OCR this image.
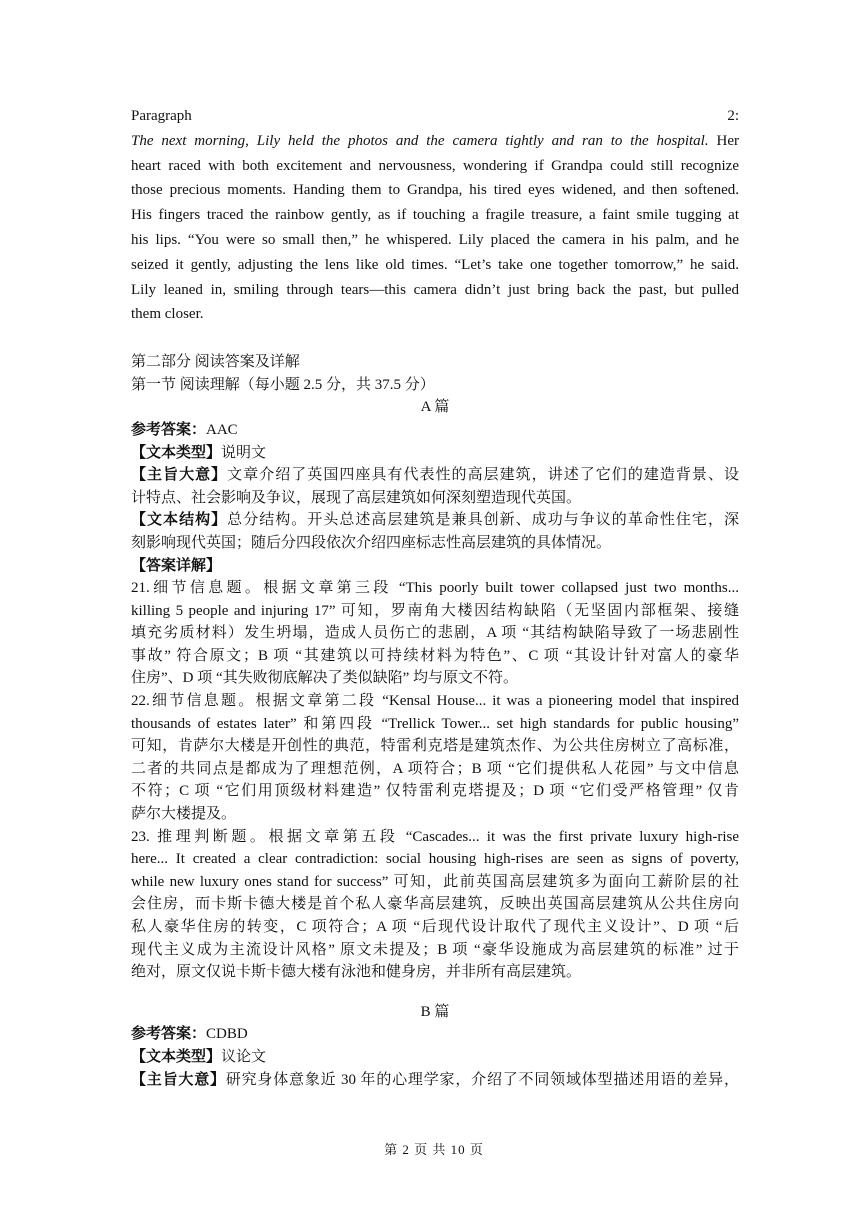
Paragraph 2:
The next morning, Lily held the photos and the camera tightly and ran to the hospital. Her
heart raced with both excitement and nervousness, wondering if Grandpa could still recognize
those precious moments. Handing them to Grandpa, his tired eyes widened, and then softened.
His fingers traced the rainbow gently, as if touching a fragile treasure, a faint smile tugging at
his lips. “You were so small then,” he whispered. Lily placed the camera in his palm, and he
seized it gently, adjusting the lens like old times. “Let’s take one together tomorrow,” he said.
Lily leaned in, smiling through tears—this camera didn’t just bring back the past, but pulled
them closer.
第二部分 阅读答案及详解
第一节 阅读理解（每小题 2.5 分，共 37.5 分）
A 篇
参考答案：AAC
【文本类型】说明文
【主旨大意】文章介绍了英国四座具有代表性的高层建筑，讲述了它们的建造背景、设
计特点、社会影响及争议，展现了高层建筑如何深刻塑造现代英国。
【文本结构】总分结构。开头总述高层建筑是兼具创新、成功与争议的革命性住宅，深
刻影响现代英国；随后分四段依次介绍四座标志性高层建筑的具体情况。
【答案详解】
21.细节信息题。根据文章第三段 “This poorly built tower collapsed just two months...
killing 5 people and injuring 17” 可知，罗南角大楼因结构缺陷（无坚固内部框架、接缝
填充劣质材料）发生坍塌，造成人员伤亡的悲剧，A 项 “其结构缺陷导致了一场悲剧性
事故” 符合原文；B 项 “其建筑以可持续材料为特色”、C 项 “其设计针对富人的豪华
住房”、D 项 “其失败彻底解决了类似缺陷” 均与原文不符。
22.细节信息题。根据文章第二段 “Kensal House... it was a pioneering model that inspired
thousands of estates later” 和第四段 “Trellick Tower... set high standards for public housing”
可知，肯萨尔大楼是开创性的典范，特雷利克塔是建筑杰作、为公共住房树立了高标准，
二者的共同点是都成为了理想范例，A 项符合；B 项 “它们提供私人花园” 与文中信息
不符；C 项 “它们用顶级材料建造” 仅特雷利克塔提及；D 项 “它们受严格管理” 仅肯
萨尔大楼提及。
23. 推理判断题。根据文章第五段 “Cascades... it was the first private luxury high-rise
here... It created a clear contradiction: social housing high-rises are seen as signs of poverty,
while new luxury ones stand for success” 可知，此前英国高层建筑多为面向工薪阶层的社
会住房，而卡斯卡德大楼是首个私人豪华高层建筑，反映出英国高层建筑从公共住房向
私人豪华住房的转变，C 项符合；A 项 “后现代设计取代了现代主义设计”、D 项 “后
现代主义成为主流设计风格” 原文未提及；B 项 “豪华设施成为高层建筑的标准” 过于
绝对，原文仅说卡斯卡德大楼有泳池和健身房，并非所有高层建筑。
B 篇
参考答案：CDBD
【文本类型】议论文
【主旨大意】研究身体意象近 30 年的心理学家，介绍了不同领域体型描述用语的差异，
第 2 页 共 10 页
